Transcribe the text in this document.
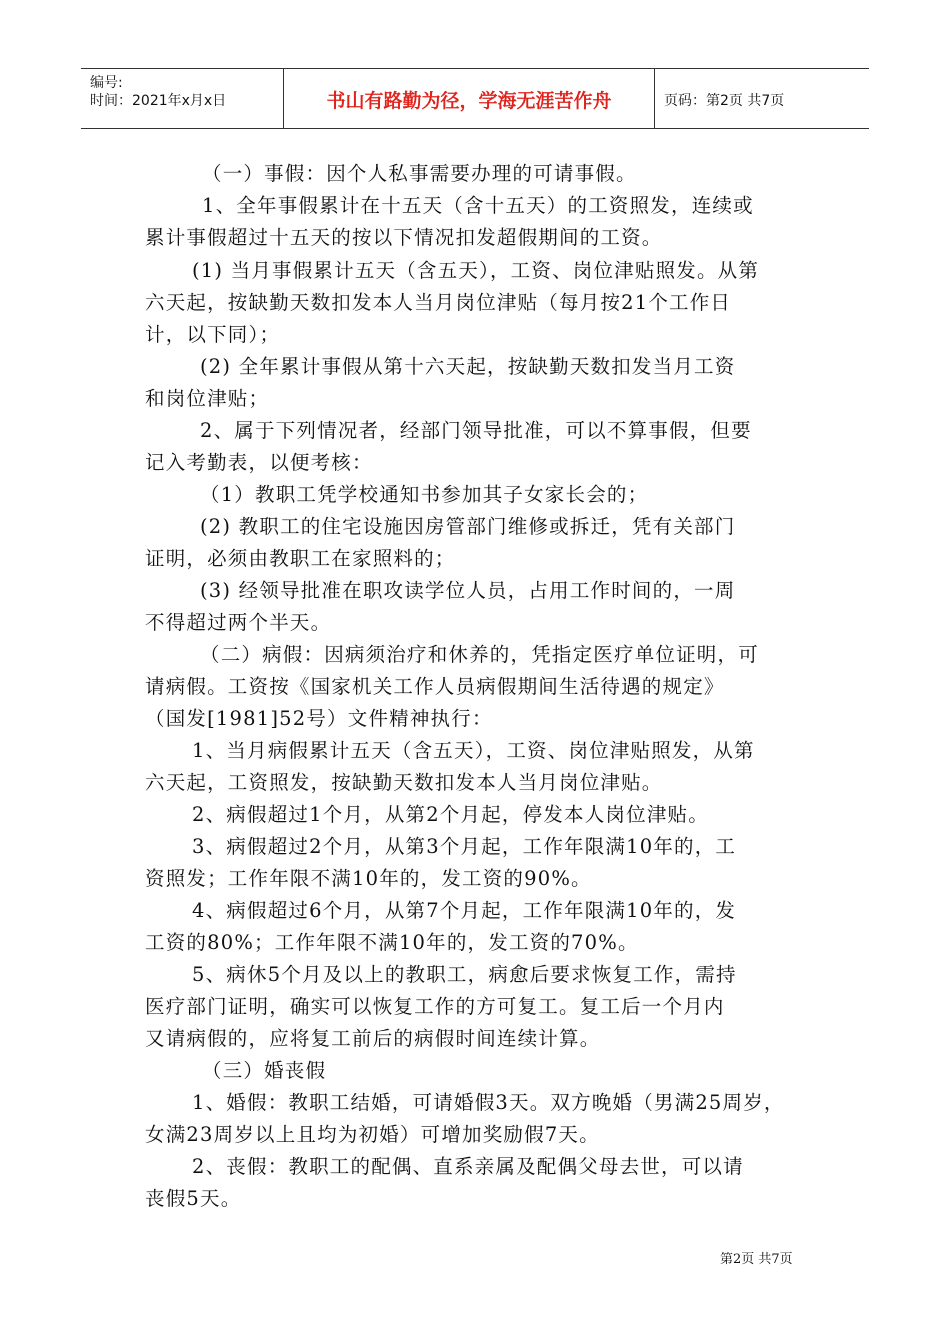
编号:
时间：2021年x月x日	书山有路勤为径，学海无涯苦作舟	页码：第2页 共7页
（一）事假：因个人私事需要办理的可请事假。
1、全年事假累计在十五天（含十五天）的工资照发，连续或
累计事假超过十五天的按以下情况扣发超假期间的工资。
(1) 当月事假累计五天（含五天），工资、岗位津贴照发。从第
六天起，按缺勤天数扣发本人当月岗位津贴（每月按21个工作日
计，以下同）；
(2) 全年累计事假从第十六天起，按缺勤天数扣发当月工资
和岗位津贴；
2、属于下列情况者，经部门领导批准，可以不算事假，但要
记入考勤表，以便考核：
（1）教职工凭学校通知书参加其子女家长会的；
(2) 教职工的住宅设施因房管部门维修或拆迁，凭有关部门
证明，必须由教职工在家照料的；
(3) 经领导批准在职攻读学位人员，占用工作时间的，一周
不得超过两个半天。
（二）病假：因病须治疗和休养的，凭指定医疗单位证明，可
请病假。工资按《国家机关工作人员病假期间生活待遇的规定》
（国发[1981]52号）文件精神执行：
1、当月病假累计五天（含五天），工资、岗位津贴照发，从第
六天起，工资照发，按缺勤天数扣发本人当月岗位津贴。
2、病假超过1个月，从第2个月起，停发本人岗位津贴。
3、病假超过2个月，从第3个月起，工作年限满10年的，工
资照发；工作年限不满10年的，发工资的90%。
4、病假超过6个月，从第7个月起，工作年限满10年的，发
工资的80%；工作年限不满10年的，发工资的70%。
5、病休5个月及以上的教职工，病愈后要求恢复工作，需持
医疗部门证明，确实可以恢复工作的方可复工。复工后一个月内
又请病假的，应将复工前后的病假时间连续计算。
（三）婚丧假
1、婚假：教职工结婚，可请婚假3天。双方晚婚（男满25周岁，
女满23周岁以上且均为初婚）可增加奖励假7天。
2、丧假：教职工的配偶、直系亲属及配偶父母去世，可以请
丧假5天。
第2页 共7页
